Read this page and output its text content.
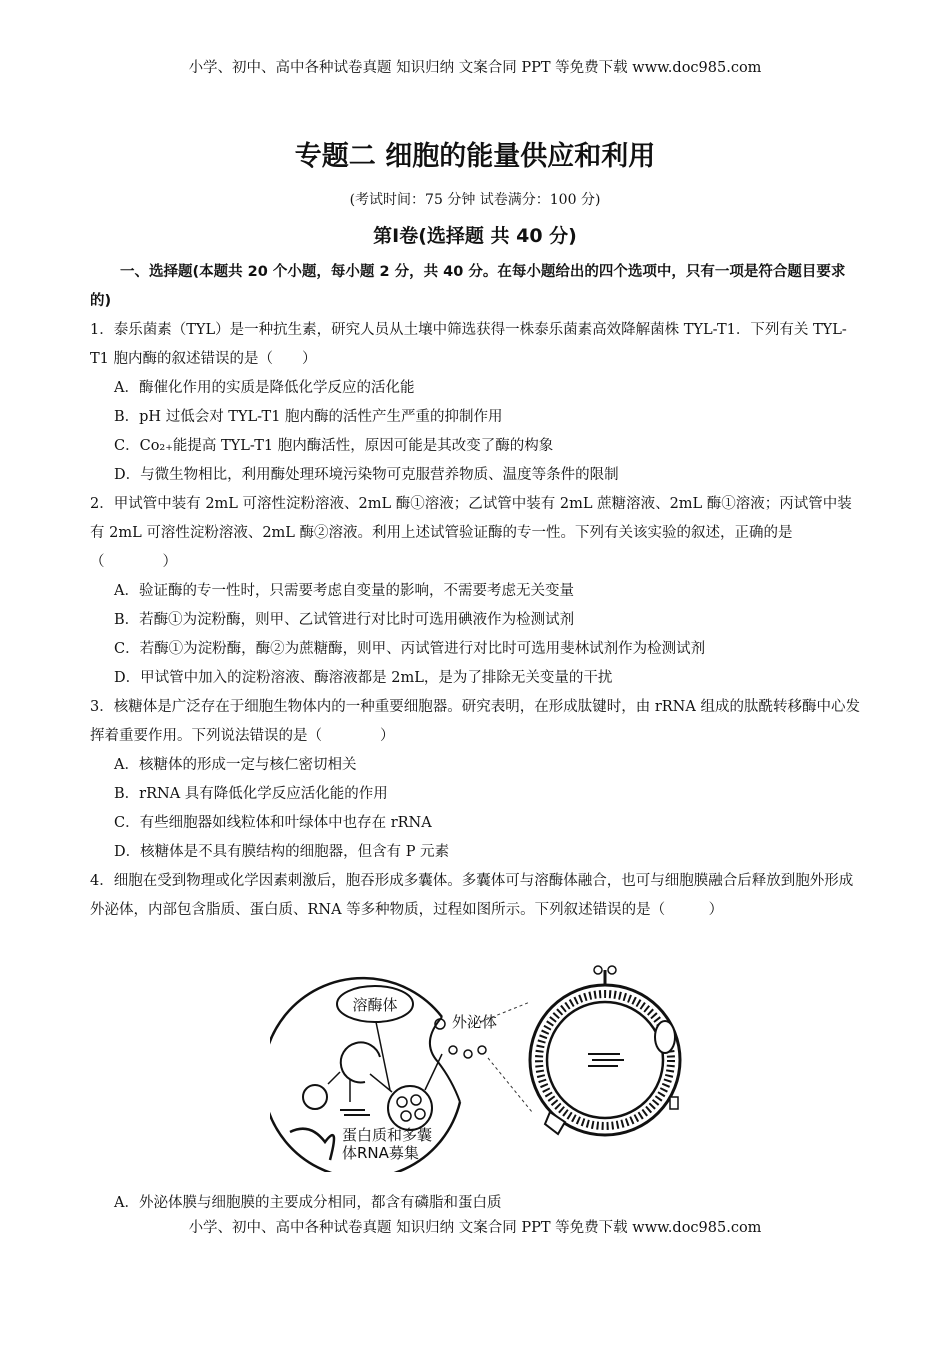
小学、初中、高中各种试卷真题 知识归纳 文案合同 PPT 等免费下载 www.doc985.com
专题二 细胞的能量供应和利用
(考试时间：75 分钟 试卷满分：100 分)
第Ⅰ卷(选择题 共 40 分)

一、选择题(本题共 20 个小题，每小题 2 分，共 40 分。在每小题给出的四个选项中，只有一项是符合题目要求的)

1．泰乐菌素（TYL）是一种抗生素，研究人员从土壤中筛选获得一株泰乐菌素高效降解菌株 TYL-T1．下列有关 TYL-T1 胞内酶的叙述错误的是（　　）

A．酶催化作用的实质是降低化学反应的活化能

B．pH 过低会对 TYL-T1 胞内酶的活性产生严重的抑制作用

C．Co₂₊能提高 TYL-T1 胞内酶活性，原因可能是其改变了酶的构象

D．与微生物相比，利用酶处理环境污染物可克服营养物质、温度等条件的限制

2．甲试管中装有 2mL 可溶性淀粉溶液、2mL 酶①溶液；乙试管中装有 2mL 蔗糖溶液、2mL 酶①溶液；丙试管中装有 2mL 可溶性淀粉溶液、2mL 酶②溶液。利用上述试管验证酶的专一性。下列有关该实验的叙述，正确的是（　　　　）

A．验证酶的专一性时，只需要考虑自变量的影响，不需要考虑无关变量

B．若酶①为淀粉酶，则甲、乙试管进行对比时可选用碘液作为检测试剂

C．若酶①为淀粉酶，酶②为蔗糖酶，则甲、丙试管进行对比时可选用斐林试剂作为检测试剂

D．甲试管中加入的淀粉溶液、酶溶液都是 2mL，是为了排除无关变量的干扰

3．核糖体是广泛存在于细胞生物体内的一种重要细胞器。研究表明，在形成肽键时，由 rRNA 组成的肽酰转移酶中心发挥着重要作用。下列说法错误的是（　　　　）

A．核糖体的形成一定与核仁密切相关

B．rRNA 具有降低化学反应活化能的作用

C．有些细胞器如线粒体和叶绿体中也存在 rRNA

D．核糖体是不具有膜结构的细胞器，但含有 P 元素

4．细胞在受到物理或化学因素刺激后，胞吞形成多囊体。多囊体可与溶酶体融合，也可与细胞膜融合后释放到胞外形成外泌体，内部包含脂质、蛋白质、RNA 等多种物质，过程如图所示。下列叙述错误的是（　　　）

溶酶体
外泌体
蛋白质和多囊
体RNA募集
A．外泌体膜与细胞膜的主要成分相同，都含有磷脂和蛋白质
小学、初中、高中各种试卷真题 知识归纳 文案合同 PPT 等免费下载 www.doc985.com
